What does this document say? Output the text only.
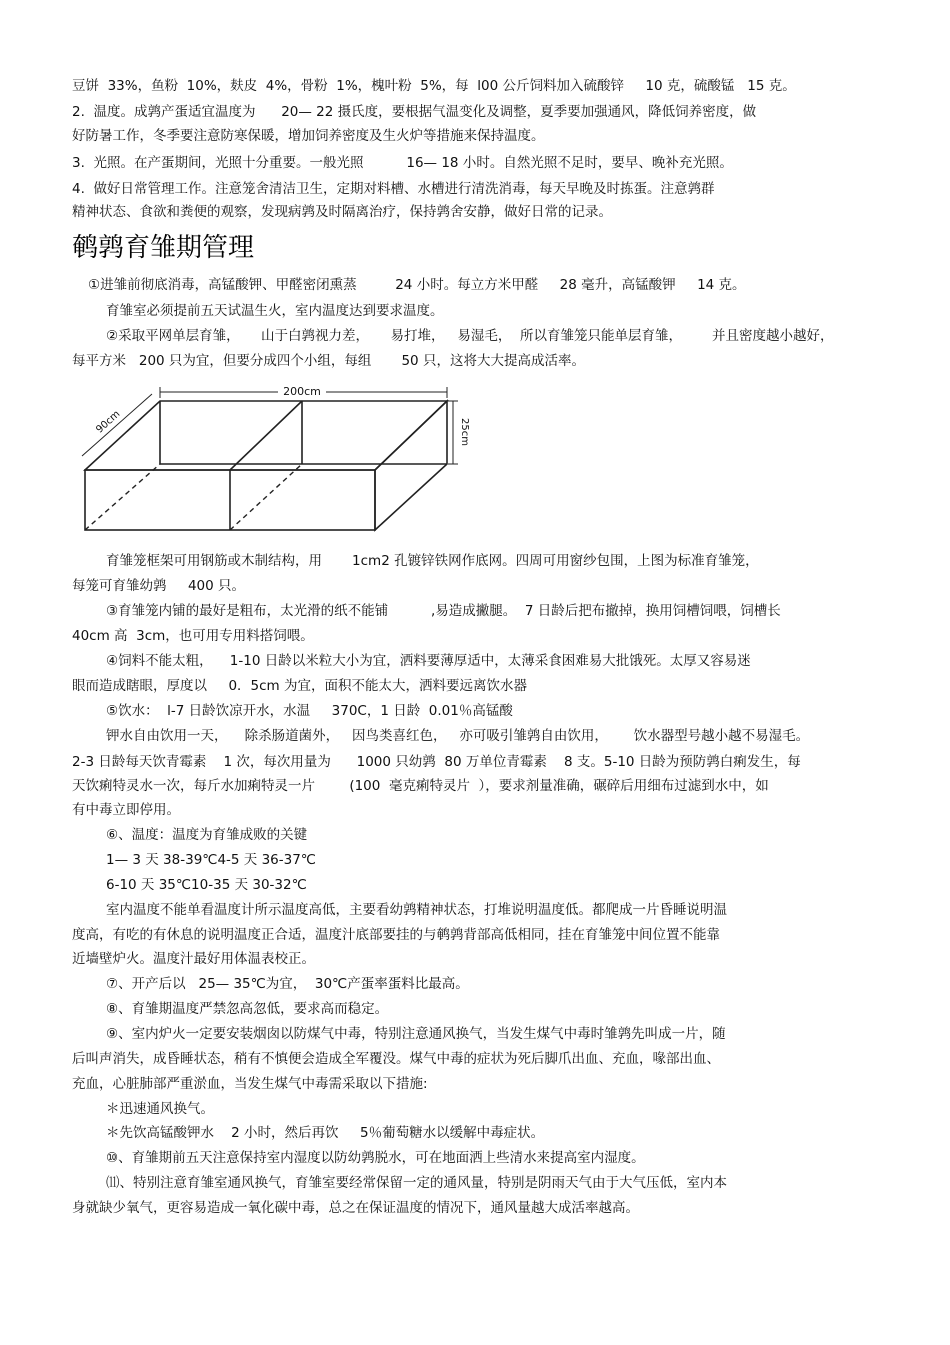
豆饼  33%，鱼粉  10%，麸皮  4%，骨粉  1%，槐叶粉  5%，每  l00 公斤饲料加入硫酸锌     10 克，硫酸锰   15 克。
2.  温度。成鹑产蛋适宜温度为      20— 22 摄氏度，要根据气温变化及调整，夏季要加强通风，降低饲养密度，做
好防暑工作，冬季要注意防寒保暖，增加饲养密度及生火炉等措施来保持温度。
3.  光照。在产蛋期间，光照十分重要。一般光照          16— 18 小时。自然光照不足时，要早、晚补充光照。
4.  做好日常管理工作。注意笼舍清洁卫生，定期对料槽、水槽进行清洗消毒，每天早晚及时拣蛋。注意鹑群
精神状态、食欲和粪便的观察，发现病鹑及时隔离治疗，保持鹑舍安静，做好日常的记录。
鹌鹑育雏期管理
①进雏前彻底消毒，高锰酸钾、甲醛密闭熏蒸         24 小时。每立方米甲醛     28 毫升，高锰酸钾     14 克。
育雏室必须提前五天试温生火，室内温度达到要求温度。
②采取平网单层育雏，     山于白鹑视力差，     易打堆，   易湿毛，  所以育雏笼只能单层育雏，       并且密度越小越好，
每平方米   200 只为宜，但要分成四个小组，每组       50 只，这将大大提高成活率。
200cm
25cm
90cm
育雏笼框架可用钢筋或木制结构，用       1cm2 孔镀锌铁网作底网。四周可用窗纱包围，上图为标准育雏笼，
每笼可育雏幼鹑     400 只。
③育雏笼内铺的最好是粗布，太光滑的纸不能铺          ,易造成撇腿。  7 日龄后把布撤掉，换用饲槽饲喂，饲槽长
40cm 高  3cm，也可用专用料搭饲喂。
④饲料不能太粗，    1-10 日龄以米粒大小为宜，洒料要薄厚适中，太薄采食困难易大批饿死。太厚又容易迷
眼而造成瞎眼，厚度以     0．5cm 为宜，面积不能太大，洒料要远离饮水器
⑤饮水：  l-7 日龄饮凉开水，水温     370C，1 日龄  0.01％高锰酸
钾水自由饮用一天，    除杀肠道菌外，   因鸟类喜红色，   亦可吸引雏鹑自由饮用，      饮水器型号越小越不易湿毛。
2-3 日龄每天饮青霉素    1 次，每次用量为      1000 只幼鹑  80 万单位青霉素    8 支。5-10 日龄为预防鹑白痢发生，每
天饮痢特灵水一次，每斤水加痢特灵一片        (100  毫克痢特灵片  ），要求剂量准确，碾碎后用细布过滤到水中，如
有中毒立即停用。
⑥、温度：温度为育雏成败的关键
1— 3 天 38-39℃4-5 天 36-37℃
6-10 天 35℃10-35 天 30-32℃
室内温度不能单看温度计所示温度高低，主要看幼鹑精神状态，打堆说明温度低。都爬成一片昏睡说明温
度高，有吃的有休息的说明温度正合适，温度汁底部要挂的与鹌鹑背部高低相同，挂在育雏笼中间位置不能靠
近墙壁炉火。温度汁最好用体温表校正。
⑦、开产后以   25— 35℃为宜，  30℃产蛋率蛋料比最高。
⑧、育雏期温度严禁忽高忽低，要求高而稳定。
⑨、室内炉火一定要安装烟囱以防煤气中毒，特别注意通风换气，当发生煤气中毒时雏鹑先叫成一片，随
后叫声消失，成昏睡状态，稍有不慎便会造成全军覆没。煤气中毒的症状为死后脚爪出血、充血，喙部出血、
充血，心脏肺部严重淤血，当发生煤气中毒需采取以下措施:
＊迅速通风换气。
＊先饮高锰酸钾水    2 小时，然后再饮     5％葡萄糖水以缓解中毒症状。
⑩、育雏期前五天注意保持室内湿度以防幼鹑脱水，可在地面洒上些清水来提高室内湿度。
⑾、特别注意育雏室通风换气，育雏室要经常保留一定的通风量，特别是阴雨天气由于大气压低，室内本
身就缺少氧气，更容易造成一氧化碳中毒，总之在保证温度的情况下，通风量越大成活率越高。
